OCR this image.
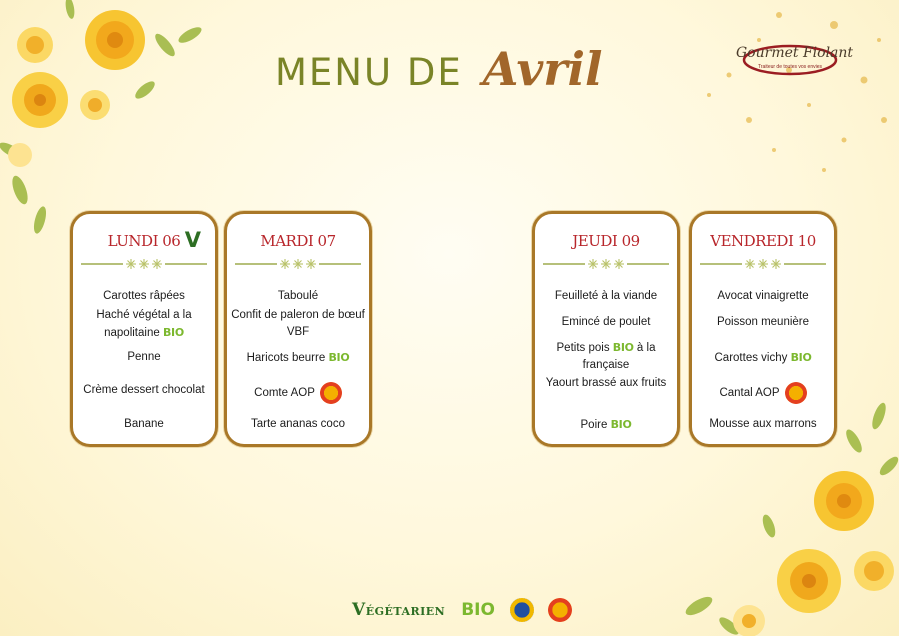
MENU DE Avril	Gourmet Fiolant
Traiteur de toutes vos envies
LUNDI 06 V
Carottes râpées
Haché végétal a la napolitaine BIO
Penne
Crème dessert chocolat
Banane
MARDI 07
Taboulé
Confit de paleron de bœuf VBF
Haricots beurre BIO
Comte AOP
Tarte ananas coco
JEUDI 09
Feuilleté à la viande
Emincé de poulet
Petits pois BIO à la française
Yaourt brassé aux fruits
Poire BIO
VENDREDI 10
Avocat vinaigrette
Poisson meunière
Carottes vichy BIO
Cantal AOP
Mousse aux marrons
VÉGÉTARIEN BIO
